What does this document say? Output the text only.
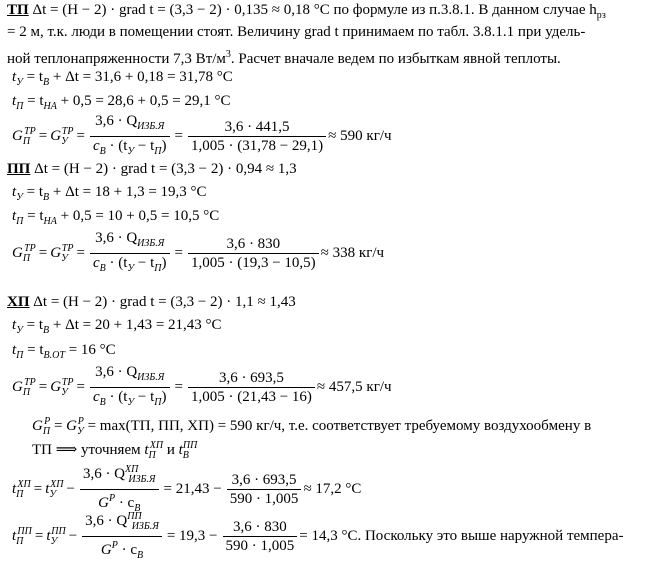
ТП Δt = (H − 2) · grad t = (3,3 − 2) · 0,135 ≈ 0,18 °C по формуле из п.3.8.1. В данном случае $h_{рз}$
= 2 м, т.к. люди в помещении стоят. Величину grad t принимаем по табл. 3.8.1.1 при удель-
ной теплонапряженности 7,3 $Вт/м^3$. Расчет вначале ведем по избыткам явной теплоты.
$t_У = t_В + \Delta t = 31,6 + 0,18 = 31,78$ °C
$t_П = t_{НА} + 0,5 = 28,6 + 0,5 = 29,1$ °C
$G_П^{ТР} = G_У^{ТР} = \frac{3,6 \cdot Q_{ИЗБ.Я}}{c_В \cdot (t_У - t_П)} = \frac{3,6 \cdot 441,5}{1,005 \cdot (31,78 - 29,1)} \approx 590$ кг/ч
ПП Δt = (H − 2) · grad t = (3,3 − 2) · 0,94 ≈ 1,3
$t_У = t_В + \Delta t = 18 + 1,3 = 19,3$ °C
$t_П = t_{НА} + 0,5 = 10 + 0,5 = 10,5$ °C
$G_П^{ТР} = G_У^{ТР} = \frac{3,6 \cdot Q_{ИЗБ.Я}}{c_В \cdot (t_У - t_П)} = \frac{3,6 \cdot 830}{1,005 \cdot (19,3 - 10,5)} \approx 338$ кг/ч
ХП Δt = (H − 2) · grad t = (3,3 − 2) · 1,1 ≈ 1,43
$t_У = t_В + \Delta t = 20 + 1,43 = 21,43$ °C
$t_П = t_{В.ОТ} = 16$ °C
$G_П^{ТР} = G_У^{ТР} = \frac{3,6 \cdot Q_{ИЗБ.Я}}{c_В \cdot (t_У - t_П)} = \frac{3,6 \cdot 693,5}{1,005 \cdot (21,43 - 16)} \approx 457,5$ кг/ч
$G_П^Р = G_У^Р = \max(ТП$, ПП, ХП) = 590 кг/ч, т.е. соответствует требуемому воздухообмену в
ТП ⟹ уточняем $t_П^{ХП}$ и $t_В^{ПП}$
$t_П^{ХП} = t_У^{ХП} - \frac{3,6 \cdot Q^{ХП}_{ИЗБ.Я}}{G^Р \cdot c_В} = 21,43 - \frac{3,6 \cdot 693,5}{590 \cdot 1,005} \approx 17,2$ °C
$t_П^{ПП} = t_У^{ПП} - \frac{3,6 \cdot Q^{ПП}_{ИЗБ.Я}}{G^Р \cdot c_В} = 19,3 - \frac{3,6 \cdot 830}{590 \cdot 1,005} = 14,3$ °C. Поскольку это выше наружной темпера-
